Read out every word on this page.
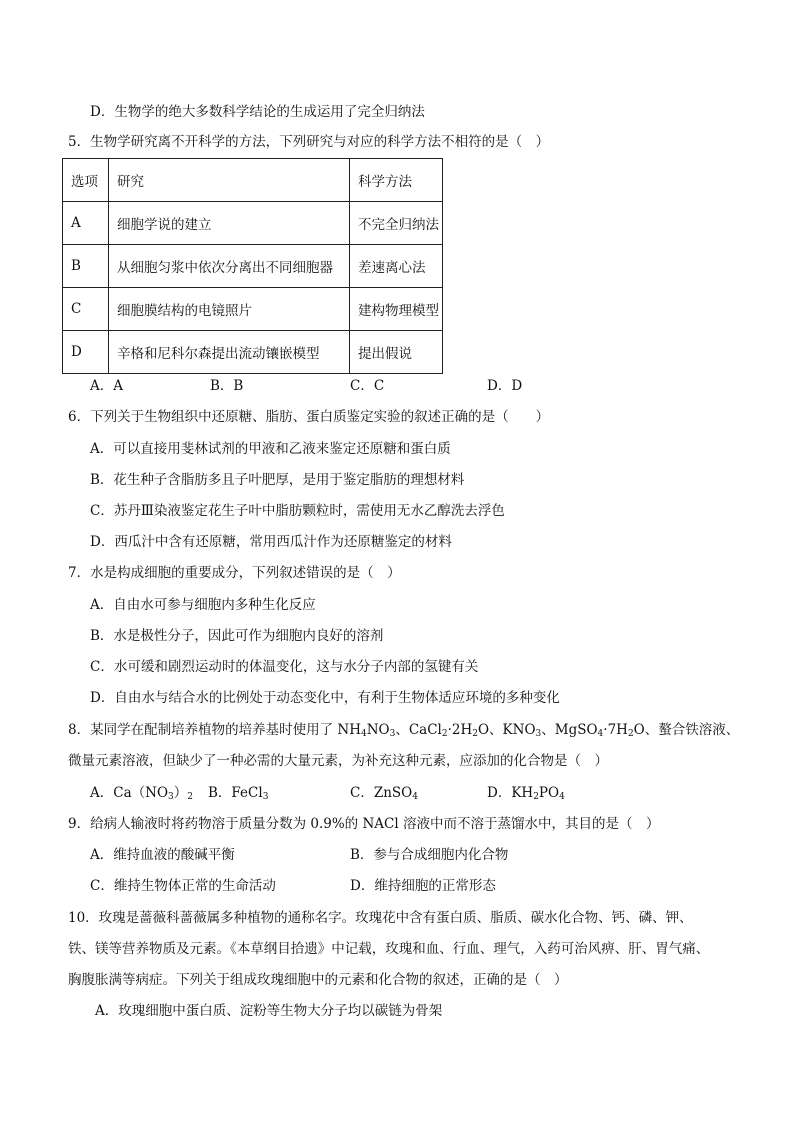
D．生物学的绝大多数科学结论的生成运用了完全归纳法
5．生物学研究离不开科学的方法，下列研究与对应的科学方法不相符的是（　）
选项	研究	科学方法
A	细胞学说的建立	不完全归纳法
B	从细胞匀浆中依次分离出不同细胞器	差速离心法
C	细胞膜结构的电镜照片	建构物理模型
D	辛格和尼科尔森提出流动镶嵌模型	提出假说
A．A	B．B	C．C	D．D
6．下列关于生物组织中还原糖、脂肪、蛋白质鉴定实验的叙述正确的是（　　）
A．可以直接用斐林试剂的甲液和乙液来鉴定还原糖和蛋白质
B．花生种子含脂肪多且子叶肥厚，是用于鉴定脂肪的理想材料
C．苏丹Ⅲ染液鉴定花生子叶中脂肪颗粒时，需使用无水乙醇洗去浮色
D．西瓜汁中含有还原糖，常用西瓜汁作为还原糖鉴定的材料
7．水是构成细胞的重要成分，下列叙述错误的是（　）
A．自由水可参与细胞内多种生化反应
B．水是极性分子，因此可作为细胞内良好的溶剂
C．水可缓和剧烈运动时的体温变化，这与水分子内部的氢键有关
D．自由水与结合水的比例处于动态变化中，有利于生物体适应环境的多种变化
8．某同学在配制培养植物的培养基时使用了 $NH_4NO_3$、$CaCl_2\cdot 2H_2O$、$KNO_3$、$MgSO_4\cdot 7H_2O$、螯合铁溶液、
微量元素溶液，但缺少了一种必需的大量元素，为补充这种元素，应添加的化合物是（　）
A．$Ca(NO_3)_2$ B．FeCl$_3$	C．ZnSO$_4$	D．$KH_2PO_4$
9．给病人输液时将药物溶于质量分数为 0.9%的 NACl 溶液中而不溶于蒸馏水中，其目的是（　）
A．维持血液的酸碱平衡	B．参与合成细胞内化合物
C．维持生物体正常的生命活动	D．维持细胞的正常形态
10．玫瑰是蔷薇科蔷薇属多种植物的通称名字。玫瑰花中含有蛋白质、脂质、碳水化合物、钙、磷、钾、
铁、镁等营养物质及元素。《本草纲目拾遗》中记载，玫瑰和血、行血、理气，入药可治风痹、肝、胃气痛、
胸腹胀满等病症。下列关于组成玫瑰细胞中的元素和化合物的叙述，正确的是（　）
A．玫瑰细胞中蛋白质、淀粉等生物大分子均以碳链为骨架
